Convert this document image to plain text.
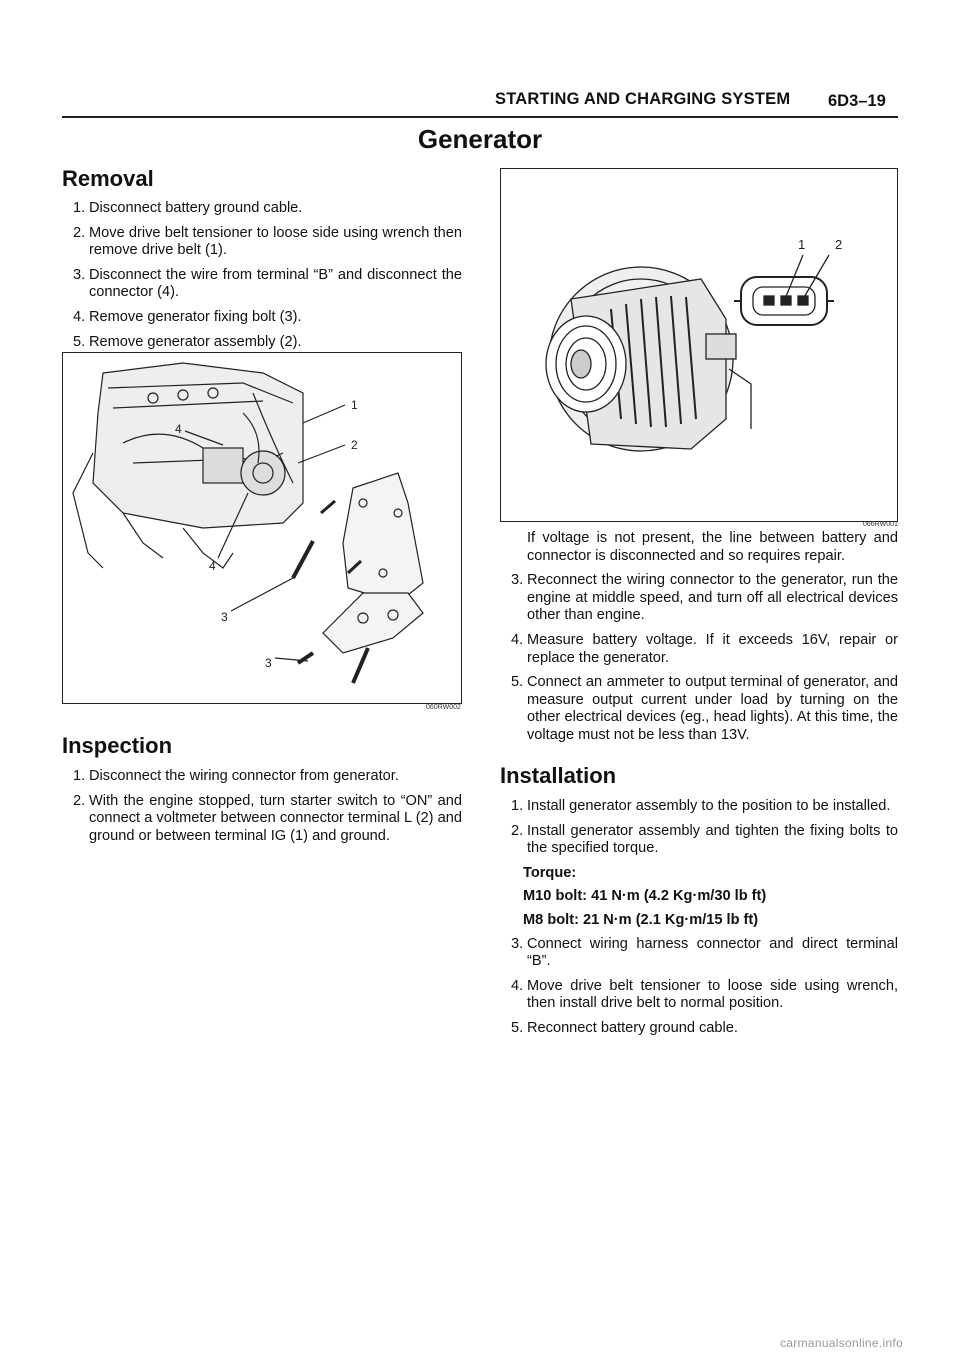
STARTING AND CHARGING SYSTEM 6D3–19
Generator
Removal
1. Disconnect battery ground cable.
2. Move drive belt tensioner to loose side using wrench then remove drive belt (1).
3. Disconnect the wire from terminal “B” and disconnect the connector (4).
4. Remove generator fixing bolt (3).
5. Remove generator assembly (2).
1
2
4
4
3
3
060RW002
Inspection
1. Disconnect the wiring connector from generator.
2. With the engine stopped, turn starter switch to “ON” and connect a voltmeter between connector terminal L (2) and ground or between terminal IG (1) and ground.
1 2
066RW001
If voltage is not present, the line between battery and connector is disconnected and so requires repair.
3. Reconnect the wiring connector to the generator, run the engine at middle speed, and turn off all electrical devices other than engine.
4. Measure battery voltage. If it exceeds 16V, repair or replace the generator.
5. Connect an ammeter to output terminal of generator, and measure output current under load by turning on the other electrical devices (eg., head lights). At this time, the voltage must not be less than 13V.
Installation
1. Install generator assembly to the position to be installed.
2. Install generator assembly and tighten the fixing bolts to the specified torque.
Torque:
M10 bolt: 41 N·m (4.2 Kg·m/30 lb ft)
M8 bolt: 21 N·m (2.1 Kg·m/15 lb ft)
3. Connect wiring harness connector and direct terminal “B”.
4. Move drive belt tensioner to loose side using wrench, then install drive belt to normal position.
5. Reconnect battery ground cable.
carmanualsonline.info
